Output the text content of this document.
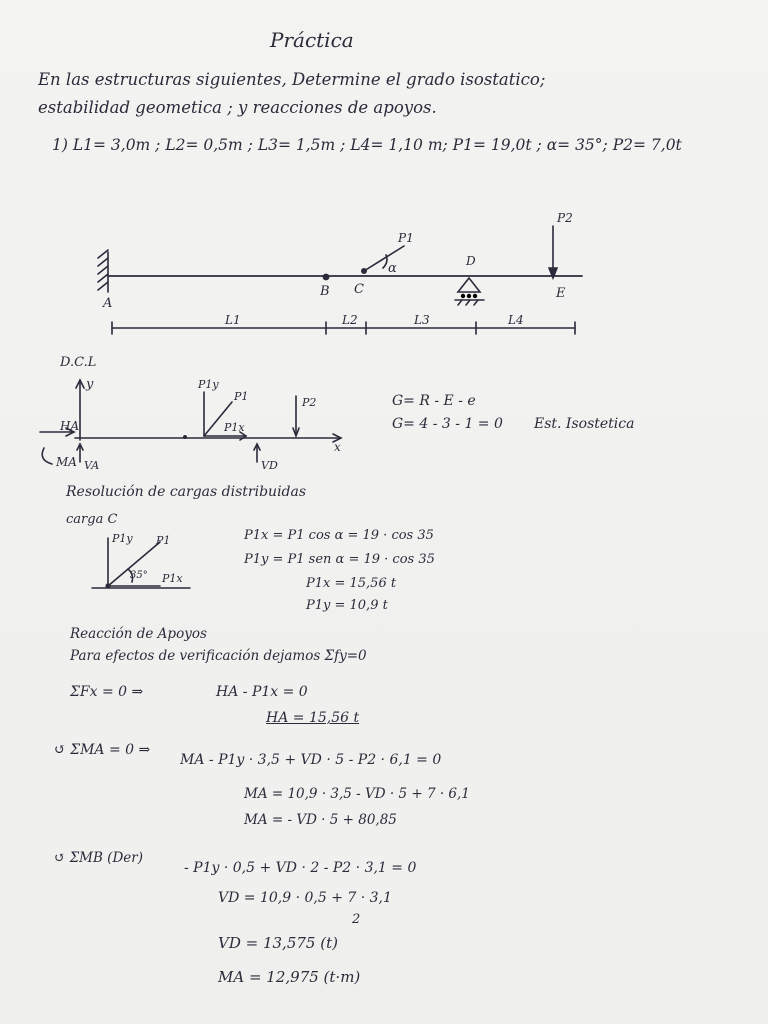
Práctica
En las estructuras siguientes, Determine el grado isostatico;
estabilidad geometica ; y reacciones de apoyos.
1) L1= 3,0m ; L2= 0,5m ; L3= 1,5m ; L4= 1,10 m; P1= 19,0t ; α= 35°; P2= 7,0t
A
B C
D
E
P1
P2
α
L1	L2	L3	L4
D.C.L
y
x
HA
MA VA
P1y
P1
P1x
P2
VD
G= R - E - e
G= 4 - 3 - 1 = 0 Est. Isostetica
Resolución de cargas distribuidas
carga C
P1y P1
35° P1x
P1x = P1 cos α = 19 · cos 35
P1y = P1 sen α = 19 · cos 35
P1x = 15,56 t
P1y = 10,9 t
Reacción de Apoyos
Para efectos de verificación dejamos Σfy=0
ΣFx = 0 ⇒	HA - P1x = 0
HA = 15,56 t
↺ ΣMA = 0 ⇒
MA - P1y · 3,5 + VD · 5 - P2 · 6,1 = 0
MA = 10,9 · 3,5 - VD · 5 + 7 · 6,1
MA = - VD · 5 + 80,85
↺ ΣMB (Der)
- P1y · 0,5 + VD · 2 - P2 · 3,1 = 0
VD = 10,9 · 0,5 + 7 · 3,1
2
VD = 13,575 (t)
MA = 12,975 (t·m)
